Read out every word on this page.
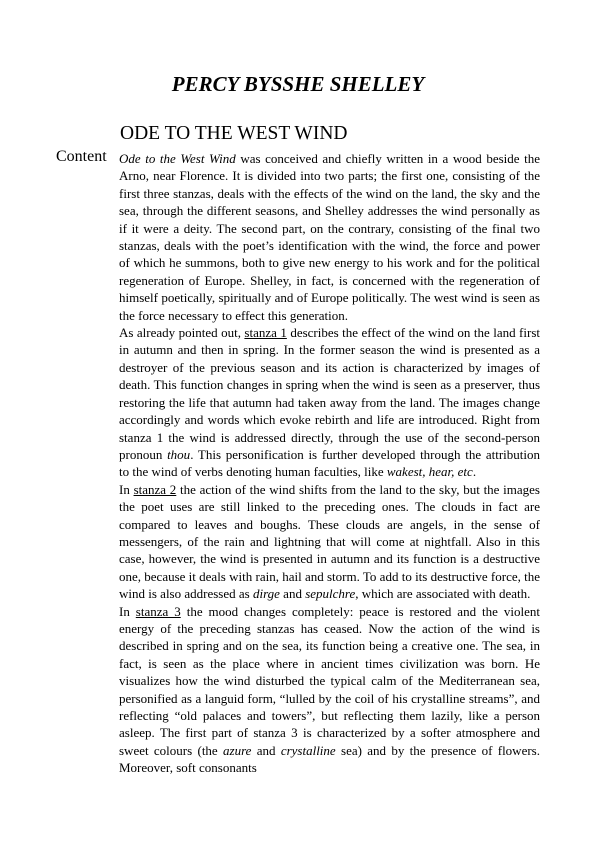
PERCY BYSSHE SHELLEY
ODE TO THE WEST WIND
Content Ode to the West Wind was conceived and chiefly written in a wood beside the Arno, near Florence. It is divided into two parts; the first one, consisting of the first three stanzas, deals with the effects of the wind on the land, the sky and the sea, through the different seasons, and Shelley addresses the wind personally as if it were a deity. The second part, on the contrary, consisting of the final two stanzas, deals with the poet’s identification with the wind, the force and power of which he summons, both to give new energy to his work and for the political regeneration of Europe. Shelley, in fact, is concerned with the regeneration of himself poetically, spiritually and of Europe politically. The west wind is seen as the force necessary to effect this generation.

As already pointed out, stanza 1 describes the effect of the wind on the land first in autumn and then in spring. In the former season the wind is presented as a destroyer of the previous season and its action is characterized by images of death. This function changes in spring when the wind is seen as a preserver, thus restoring the life that autumn had taken away from the land. The images change accordingly and words which evoke rebirth and life are introduced. Right from stanza 1 the wind is addressed directly, through the use of the second-person pronoun thou. This personification is further developed through the attribution to the wind of verbs denoting human faculties, like wakest, hear, etc.

In stanza 2 the action of the wind shifts from the land to the sky, but the images the poet uses are still linked to the preceding ones. The clouds in fact are compared to leaves and boughs. These clouds are angels, in the sense of messengers, of the rain and lightning that will come at nightfall. Also in this case, however, the wind is presented in autumn and its function is a destructive one, because it deals with rain, hail and storm. To add to its destructive force, the wind is also addressed as dirge and sepulchre, which are associated with death.

In stanza 3 the mood changes completely: peace is restored and the violent energy of the preceding stanzas has ceased. Now the action of the wind is described in spring and on the sea, its function being a creative one. The sea, in fact, is seen as the place where in ancient times civilization was born. He visualizes how the wind disturbed the typical calm of the Mediterranean sea, personified as a languid form, “lulled by the coil of his crystalline streams”, and reflecting “old palaces and towers”, but reflecting them lazily, like a person asleep. The first part of stanza 3 is characterized by a softer atmosphere and sweet colours (the azure and crystalline sea) and by the presence of flowers. Moreover, soft consonants
